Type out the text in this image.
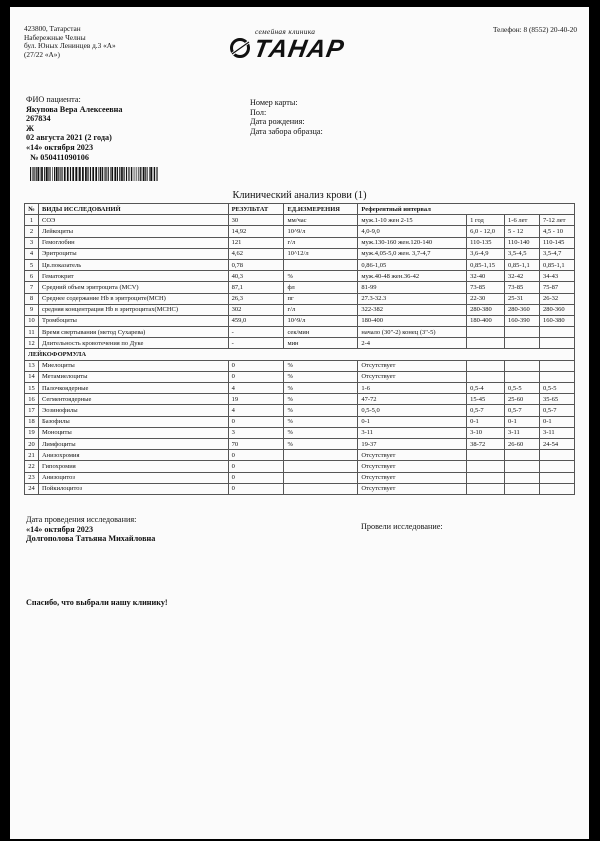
423800, Татарстан
Набережные Челны
бул. Юных Ленинцев д.3 «А»
(27/22 «А»)
семейная клиника
ТАНАР
Телефон: 8 (8552) 20-40-20
ФИО пациента:
Якупова Вера Алексеевна
267834
Ж
02 августа 2021 (2 года)
«14» октября 2023
№ 050411090106
Номер карты:
Пол:
Дата рождения:
Дата забора образца:
Клинический анализ крови (1)
№	ВИДЫ ИССЛЕДОВАНИЙ	РЕЗУЛЬТАТ	ЕД.ИЗМЕРЕНИЯ	Референтный интервал			
1	СОЭ	30	мм/час	муж.1-10 жен 2-15	1 год	1-6 лет	7-12 лет
2	Лейкоциты	14,92	10^9/л	4,0-9,0	6,0 - 12,0	5 - 12	4,5 - 10
3	Гемоглобин	121	г/л	муж.130-160 жен.120-140	110-135	110-140	110-145
4	Эритроциты	4,62	10^12/л	муж.4,05-5,0 жен. 3,7-4,7	3,6-4,9	3,5-4,5	3,5-4,7
5	Цв.показатель	0,78		0,86-1,05	0,85-1,15	0,85-1,1	0,85-1,1
6	Гематокрит	40,3	%	муж.40-48 жен.36-42	32-40	32-42	34-43
7	Средний объем эритроцита (MCV)	87,1	фл	81-99	73-85	73-85	75-87
8	Среднее содержание Hb в эритроците(MCH)	26,3	пг	27.3-32.3	22-30	25-31	26-32
9	средняя концентрация Hb в эритроцитах(MCHC)	302	г/л	322-382	280-380	280-360	280-360
10	Тромбоциты	459,0	10^9/л	180-400	180-400	160-390	160-380
11	Время свертывания (метод Сухарева)	-	сек/мин	начало (30"-2) конец (3"-5)			
12	Длительность кровотечения по Дуке	-	мин	2-4			
ЛЕЙКОФОРМУЛА							
13	Миелоциты	0	%	Отсутствует			
14	Метамиелоциты	0	%	Отсутствует			
15	Палочкоядерные	4	%	1-6	0,5-4	0,5-5	0,5-5
16	Сегментоядерные	19	%	47-72	15-45	25-60	35-65
17	Эозинофилы	4	%	0,5-5,0	0,5-7	0,5-7	0,5-7
18	Базофилы	0	%	0-1	0-1	0-1	0-1
19	Моноциты	3	%	3-11	3-10	3-11	3-11
20	Лимфоциты	70	%	19-37	38-72	26-60	24-54
21	Анизохромия	0		Отсутствует			
22	Гипохромия	0		Отсутствует			
23	Анизоцитоз	0		Отсутствует			
24	Пойкилоцитоз	0		Отсутствует			
Дата проведения исследования:
«14» октября 2023
Долгополова Татьяна Михайловна
Провели исследование:
Спасибо, что выбрали нашу клинику!
